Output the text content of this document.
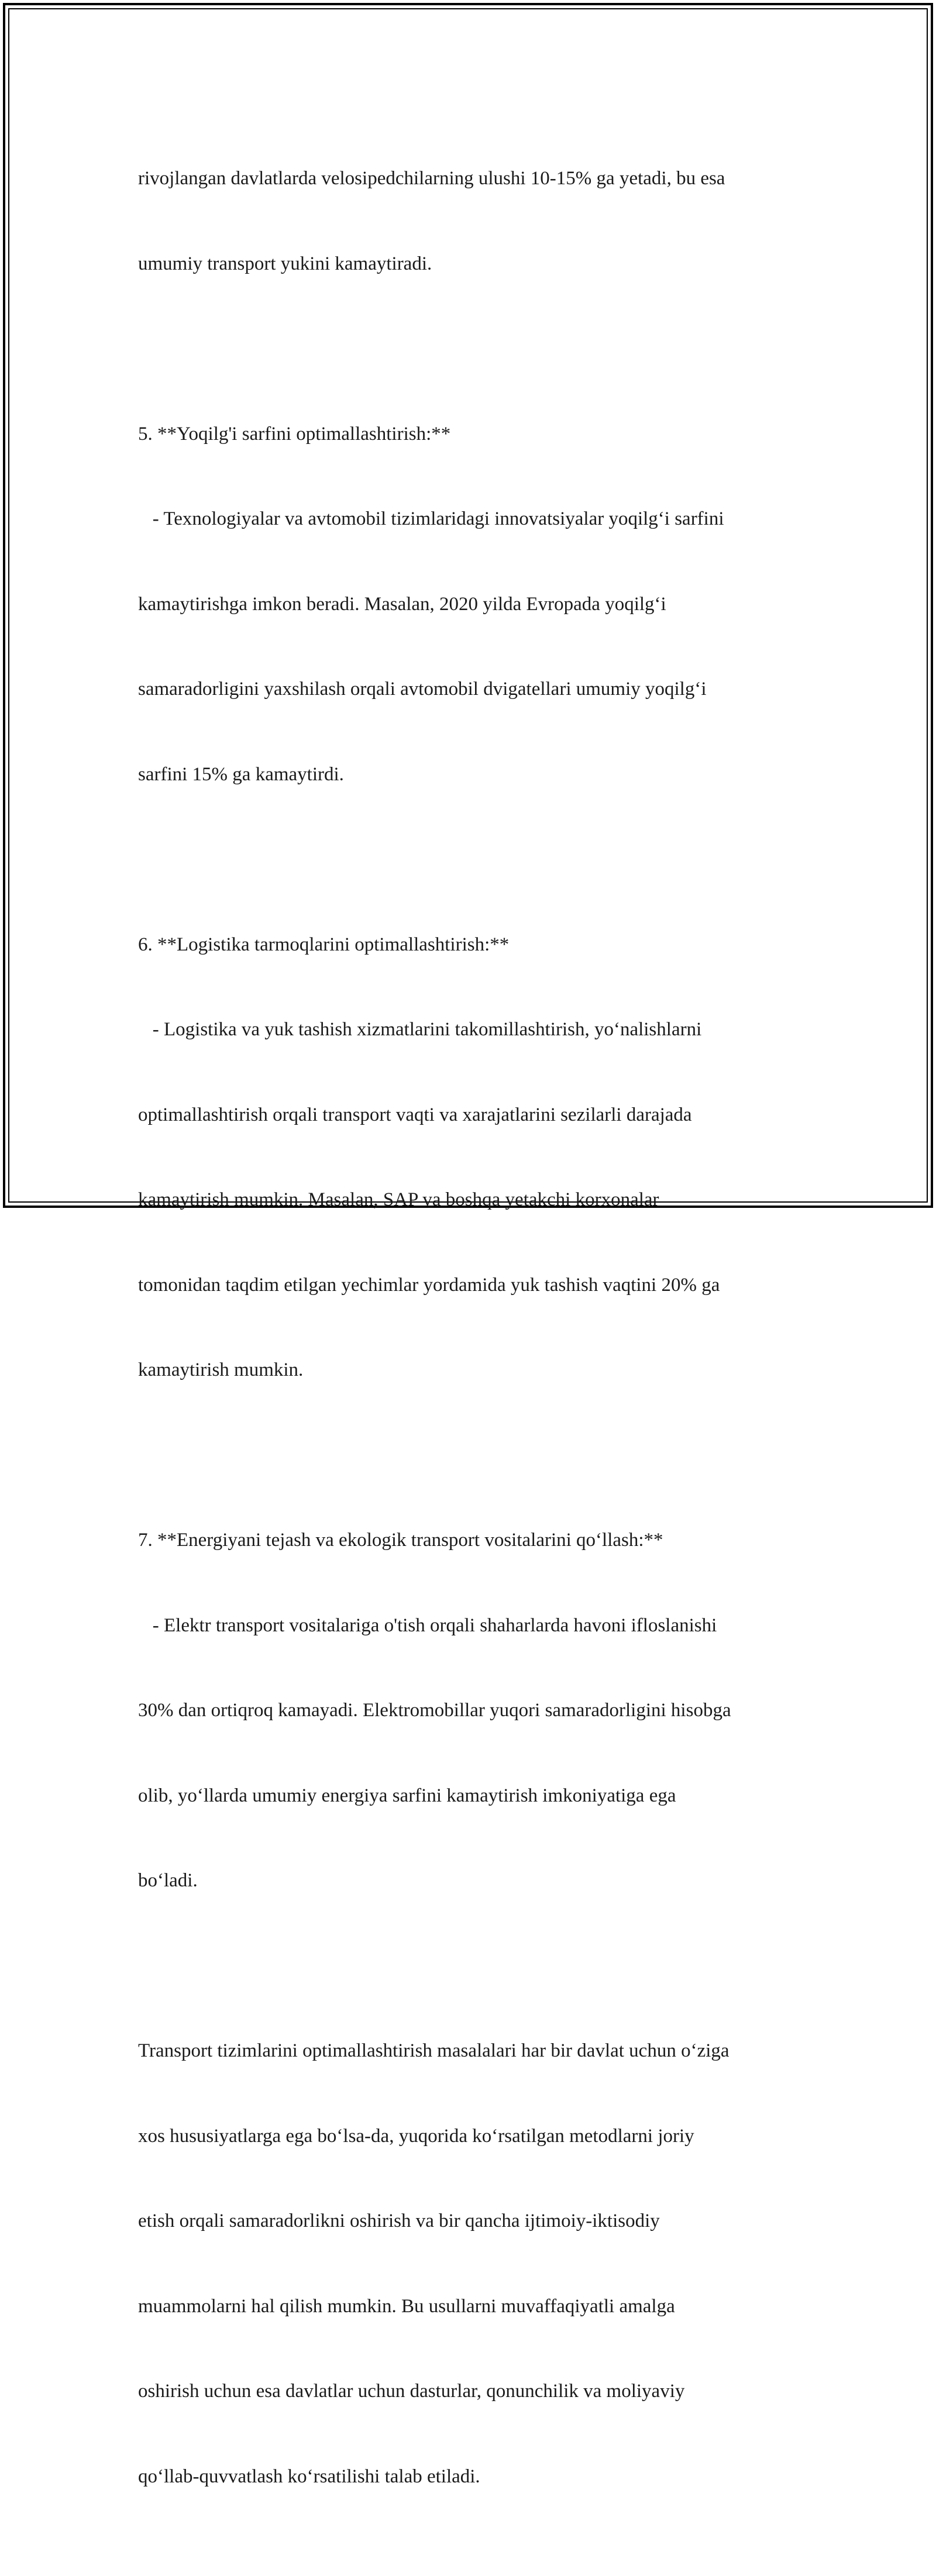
rivojlangan davlatlarda velosipedchilarning ulushi 10-15% ga yetadi, bu esa

umumiy transport yukini kamaytiradi.

5. **Yoqilg'i sarfini optimallashtirish:**

- Texnologiyalar va avtomobil tizimlaridagi innovatsiyalar yoqilg‘i sarfini

kamaytirishga imkon beradi. Masalan, 2020 yilda Evropada yoqilg‘i

samaradorligini yaxshilash orqali avtomobil dvigatellari umumiy yoqilg‘i

sarfini 15% ga kamaytirdi.

6. **Logistika tarmoqlarini optimallashtirish:**

- Logistika va yuk tashish xizmatlarini takomillashtirish, yo‘nalishlarni

optimallashtirish orqali transport vaqti va xarajatlarini sezilarli darajada

kamaytirish mumkin. Masalan, SAP va boshqa yetakchi korxonalar

tomonidan taqdim etilgan yechimlar yordamida yuk tashish vaqtini 20% ga

kamaytirish mumkin.

7. **Energiyani tejash va ekologik transport vositalarini qo‘llash:**

- Elektr transport vositalariga o'tish orqali shaharlarda havoni ifloslanishi

30% dan ortiqroq kamayadi. Elektromobillar yuqori samaradorligini hisobga

olib, yo‘llarda umumiy energiya sarfini kamaytirish imkoniyatiga ega

bo‘ladi.

Transport tizimlarini optimallashtirish masalalari har bir davlat uchun o‘ziga

xos hususiyatlarga ega bo‘lsa-da, yuqorida ko‘rsatilgan metodlarni joriy

etish orqali samaradorlikni oshirish va bir qancha ijtimoiy-iktisodiy

muammolarni hal qilish mumkin. Bu usullarni muvaffaqiyatli amalga

oshirish uchun esa davlatlar uchun dasturlar, qonunchilik va moliyaviy

qo‘llab-quvvatlash ko‘rsatilishi talab etiladi.
